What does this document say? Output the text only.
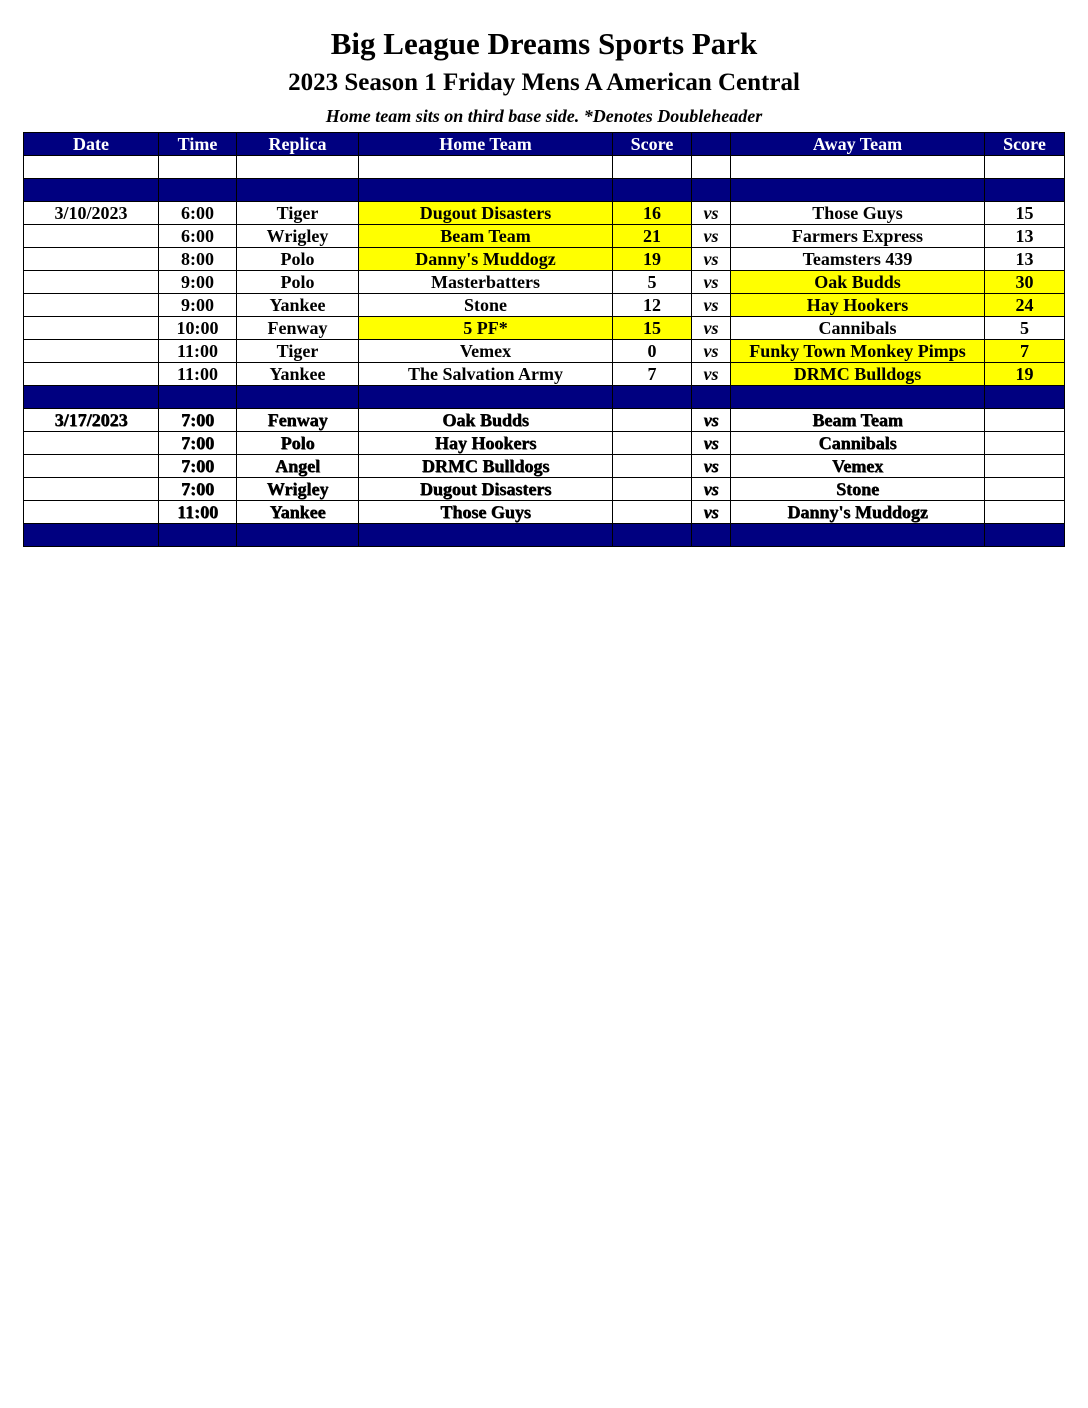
Big League Dreams Sports Park
2023 Season 1 Friday Mens A American Central
Home team sits on third base side. *Denotes Doubleheader
Date	Time	Replica	Home Team	Score		Away Team	Score

3/10/2023	6:00	Tiger	Dugout Disasters	16	vs	Those Guys	15
	6:00	Wrigley	Beam Team	21	vs	Farmers Express	13
	8:00	Polo	Danny's Muddogz	19	vs	Teamsters 439	13
	9:00	Polo	Masterbatters	5	vs	Oak Budds	30
	9:00	Yankee	Stone	12	vs	Hay Hookers	24
	10:00	Fenway	5 PF*	15	vs	Cannibals	5
	11:00	Tiger	Vemex	0	vs	Funky Town Monkey Pimps	7
	11:00	Yankee	The Salvation Army	7	vs	DRMC Bulldogs	19

3/17/2023	7:00	Fenway	Oak Budds		vs	Beam Team	
	7:00	Polo	Hay Hookers		vs	Cannibals	
	7:00	Angel	DRMC Bulldogs		vs	Vemex	
	7:00	Wrigley	Dugout Disasters		vs	Stone	
	11:00	Yankee	Those Guys		vs	Danny's Muddogz	
